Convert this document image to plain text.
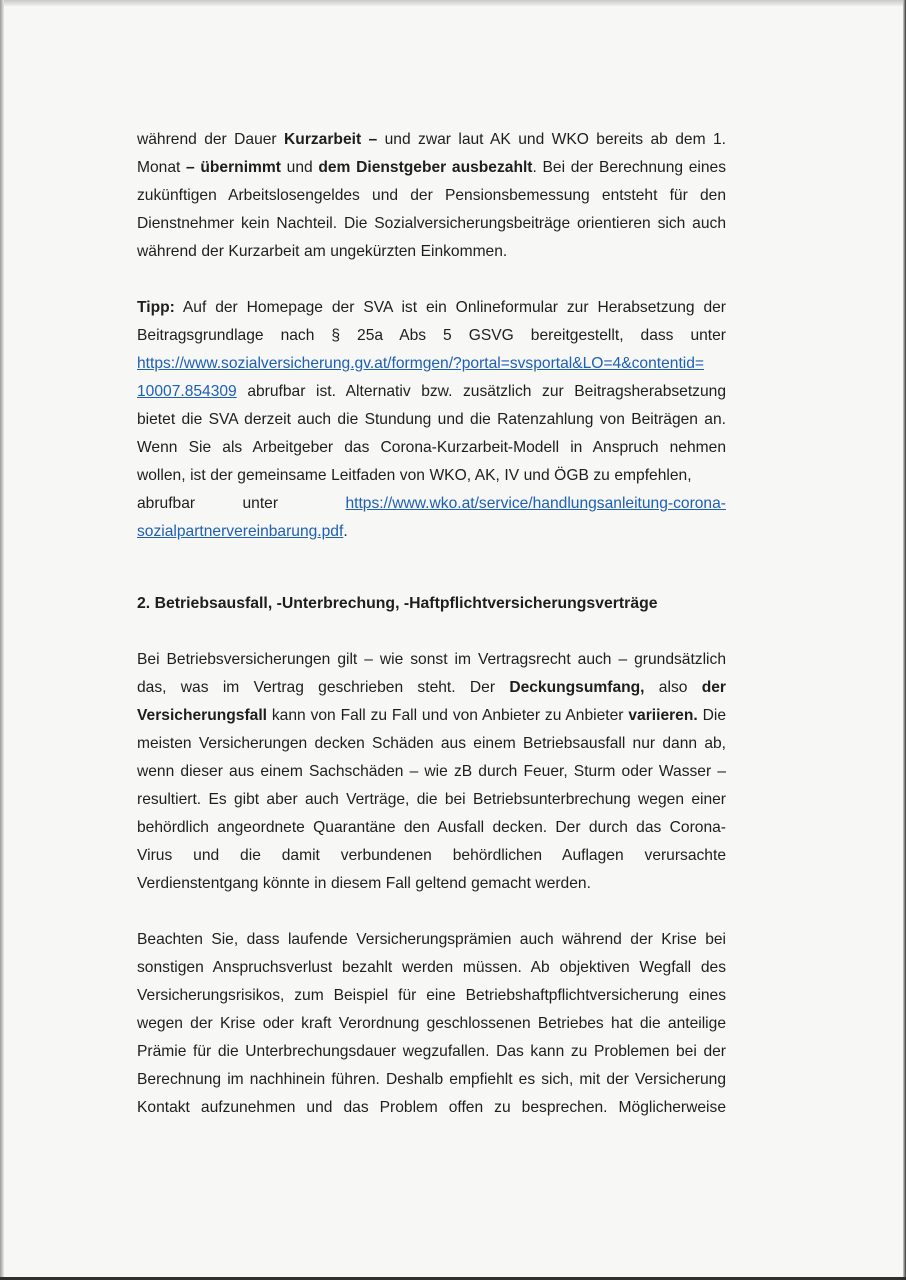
während der Dauer Kurzarbeit – und zwar laut AK und WKO bereits ab dem 1. Monat – übernimmt und dem Dienstgeber ausbezahlt. Bei der Berechnung eines zukünftigen Arbeitslosengeldes und der Pensionsbemessung entsteht für den Dienstnehmer kein Nachteil. Die Sozialversicherungsbeiträge orientieren sich auch während der Kurzarbeit am ungekürzten Einkommen.

Tipp: Auf der Homepage der SVA ist ein Onlineformular zur Herabsetzung der Beitragsgrundlage nach § 25a Abs 5 GSVG bereitgestellt, dass unter https://www.sozialversicherung.gv.at/formgen/?portal=svsportal&LO=4&contentid=
10007.854309 abrufbar ist. Alternativ bzw. zusätzlich zur Beitragsherabsetzung bietet die SVA derzeit auch die Stundung und die Ratenzahlung von Beiträgen an. Wenn Sie als Arbeitgeber das Corona-Kurzarbeit-Modell in Anspruch nehmen wollen, ist der gemeinsame Leitfaden von WKO, AK, IV und ÖGB zu empfehlen,

abrufbar	unter	https://www.wko.at/service/handlungsanleitung-corona-

sozialpartnervereinbarung.pdf.

2. Betriebsausfall, -Unterbrechung, -Haftpflichtversicherungsverträge

Bei Betriebsversicherungen gilt – wie sonst im Vertragsrecht auch – grundsätzlich das, was im Vertrag geschrieben steht. Der Deckungsumfang, also der Versicherungsfall kann von Fall zu Fall und von Anbieter zu Anbieter variieren. Die meisten Versicherungen decken Schäden aus einem Betriebsausfall nur dann ab, wenn dieser aus einem Sachschäden – wie zB durch Feuer, Sturm oder Wasser – resultiert. Es gibt aber auch Verträge, die bei Betriebsunterbrechung wegen einer behördlich angeordnete Quarantäne den Ausfall decken. Der durch das Corona-Virus und die damit verbundenen behördlichen Auflagen verursachte Verdienstentgang könnte in diesem Fall geltend gemacht werden.

Beachten Sie, dass laufende Versicherungsprämien auch während der Krise bei sonstigen Anspruchsverlust bezahlt werden müssen. Ab objektiven Wegfall des Versicherungsrisikos, zum Beispiel für eine Betriebshaftpflichtversicherung eines wegen der Krise oder kraft Verordnung geschlossenen Betriebes hat die anteilige Prämie für die Unterbrechungsdauer wegzufallen. Das kann zu Problemen bei der Berechnung im nachhinein führen. Deshalb empfiehlt es sich, mit der Versicherung Kontakt aufzunehmen und das Problem offen zu besprechen. Möglicherweise
